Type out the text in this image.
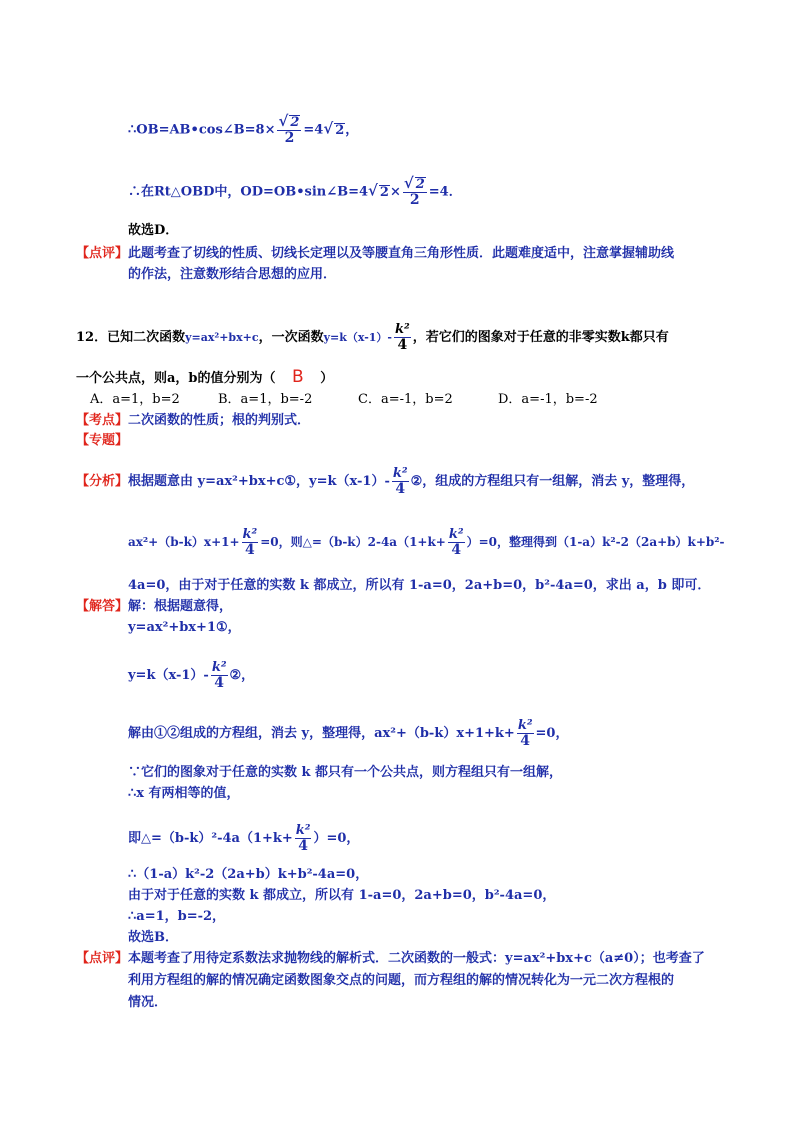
∴OB=AB•cos∠B=8× $\frac{√ 2}{2} =4√$ 2，
∴在Rt△OBD中，OD=OB•sin∠B=4√ $2\times \frac{√ 2}{2} =4$．
故选D．
【点评】此题考查了切线的性质、切线长定理以及等腰直角三角形性质．此题难度适中，注意掌握辅助线
的作法，注意数形结合思想的应用．
12．已知二次函数y=ax²+bx+c，一次函数$y=k(x-1)- \frac{\text{k²}}{4}$ ，若它们的图象对于任意的非零实数k都只有
一个公共点，则a，b的值分别为（ B ）
A．a=1，b=2	B．a=1，b=-2	C．a=-1，b=2	D．a=-1，b=-2
【考点】二次函数的性质；根的判别式．
【专题】
【分析】根据题意由 y=ax²+bx+c①，$y=k(x-1)- \frac{\text{k²}}{4}$ ②，组成的方程组只有一组解，消去 y，整理得，
$ax^2+(b-k)x+1+ \frac{\text{k²}}{4} =0$，则△=（b-k）2-4a（1+k+ $\frac{\text{k²}}{4} )=0$，整理得到（1-a）k²-2（2a+b）k+b²-
4a=0，由于对于任意的实数 k 都成立，所以有 1-a=0，2a+b=0，b²-4a=0，求出 a，b 即可．
【解答】解：根据题意得，
y=ax²+bx+1①，
$y=k(x-1)- \frac{\text{k²}}{4}$ ②，
解由①②组成的方程组，消去 y，整理得，$ax^2+(b-k)x+1+k+ \frac{\text{k²}}{4} =0$，
∵它们的图象对于任意的实数 k 都只有一个公共点，则方程组只有一组解，
∴x 有两相等的值，
即△=（b-k）²-4a（1+k+ $\frac{\text{k²}}{4} )=0$，
∴（1-a）k²-2（2a+b）k+b²-4a=0，
由于对于任意的实数 k 都成立，所以有 1-a=0，2a+b=0，b²-4a=0，
∴a=1，b=-2，
故选B．
【点评】本题考查了用待定系数法求抛物线的解析式．二次函数的一般式：y=ax²+bx+c（a≠0）；也考查了
利用方程组的解的情况确定函数图象交点的问题，而方程组的解的情况转化为一元二次方程根的
情况．
